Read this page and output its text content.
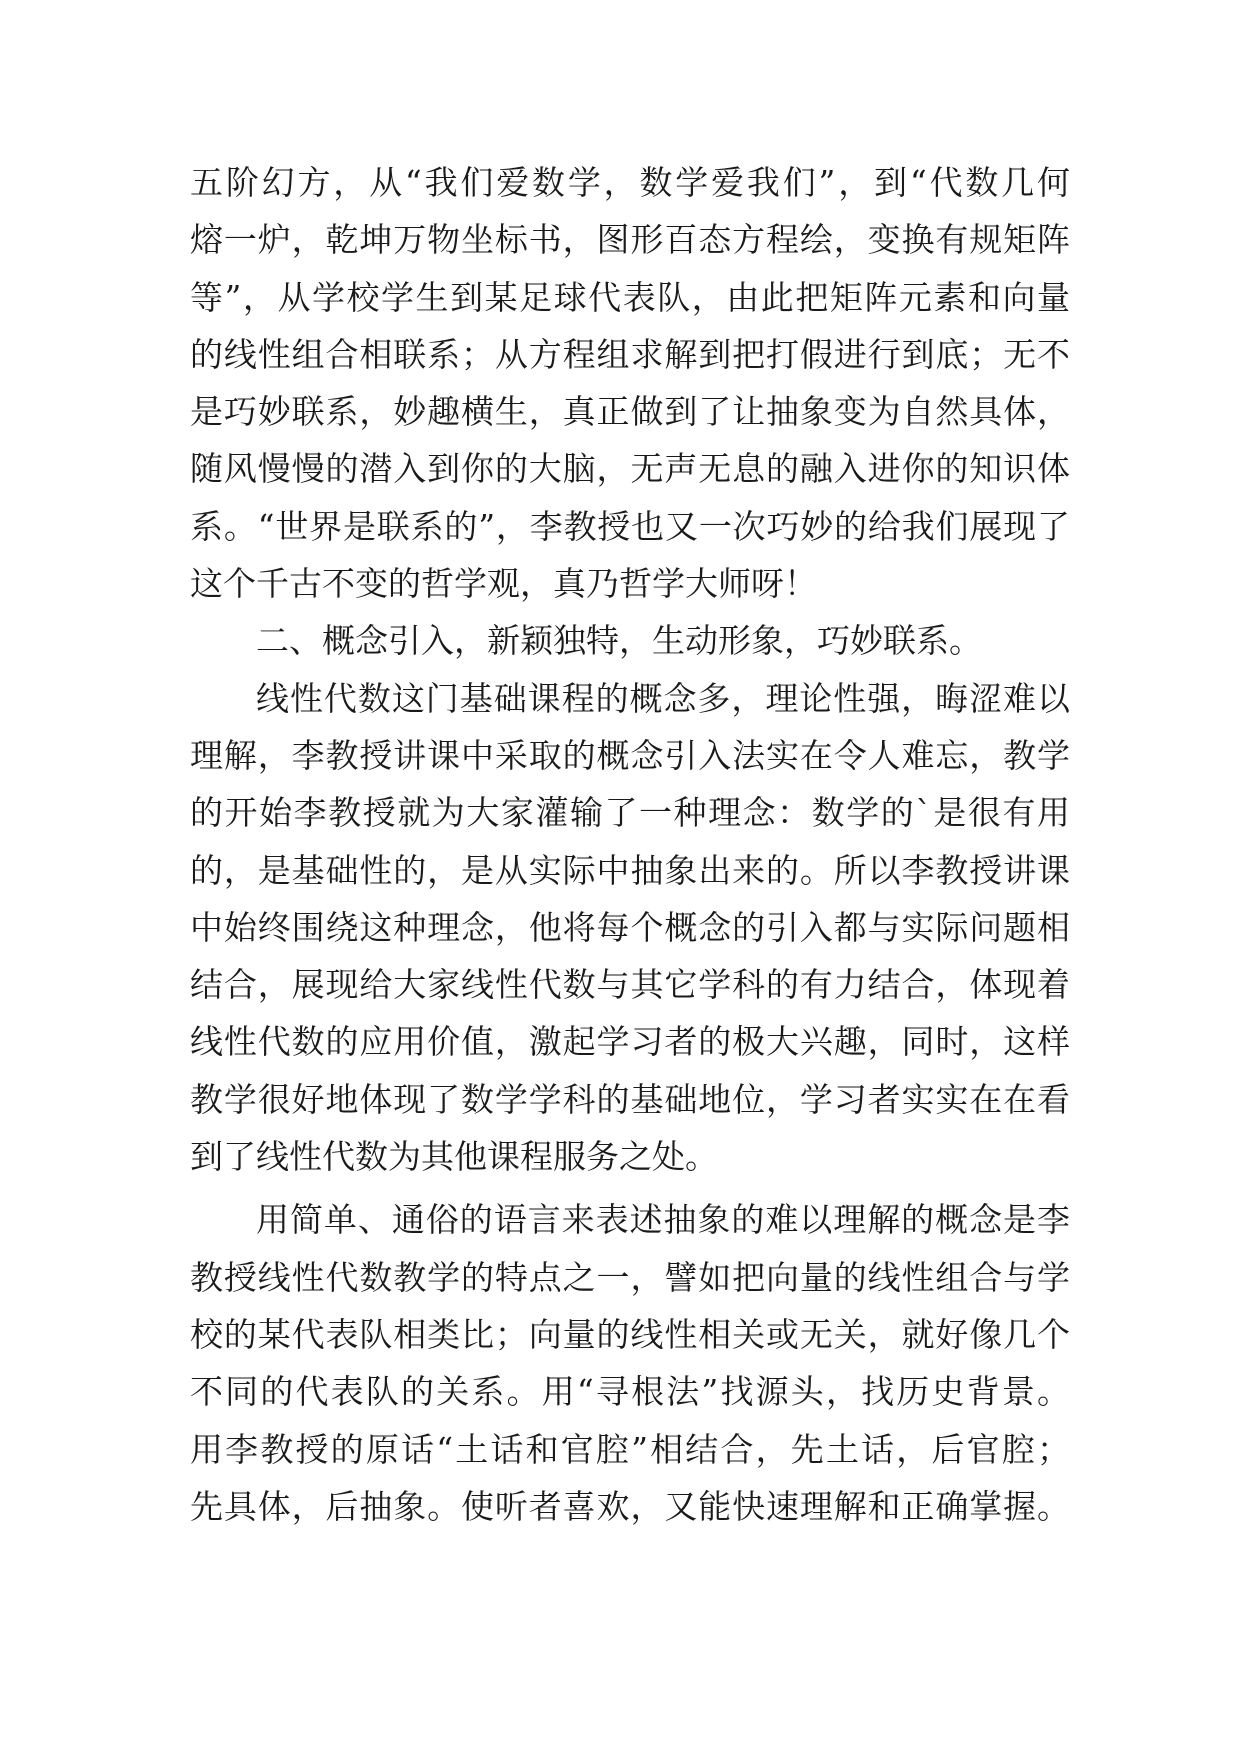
五阶幻方，从“我们爱数学，数学爱我们”，到“代数几何
熔一炉，乾坤万物坐标书，图形百态方程绘，变换有规矩阵
等”，从学校学生到某足球代表队，由此把矩阵元素和向量
的线性组合相联系；从方程组求解到把打假进行到底；无不
是巧妙联系，妙趣横生，真正做到了让抽象变为自然具体，
随风慢慢的潜入到你的大脑，无声无息的融入进你的知识体
系。“世界是联系的”，李教授也又一次巧妙的给我们展现了
这个千古不变的哲学观，真乃哲学大师呀！
二、概念引入，新颖独特，生动形象，巧妙联系。
线性代数这门基础课程的概念多，理论性强，晦涩难以
理解，李教授讲课中采取的概念引入法实在令人难忘，教学
的开始李教授就为大家灌输了一种理念：数学的`是很有用
的，是基础性的，是从实际中抽象出来的。所以李教授讲课
中始终围绕这种理念，他将每个概念的引入都与实际问题相
结合，展现给大家线性代数与其它学科的有力结合，体现着
线性代数的应用价值，激起学习者的极大兴趣，同时，这样
教学很好地体现了数学学科的基础地位，学习者实实在在看
到了线性代数为其他课程服务之处。
用简单、通俗的语言来表述抽象的难以理解的概念是李
教授线性代数教学的特点之一，譬如把向量的线性组合与学
校的某代表队相类比；向量的线性相关或无关，就好像几个
不同的代表队的关系。用“寻根法”找源头，找历史背景。
用李教授的原话“土话和官腔”相结合，先土话，后官腔；
先具体，后抽象。使听者喜欢，又能快速理解和正确掌握。
